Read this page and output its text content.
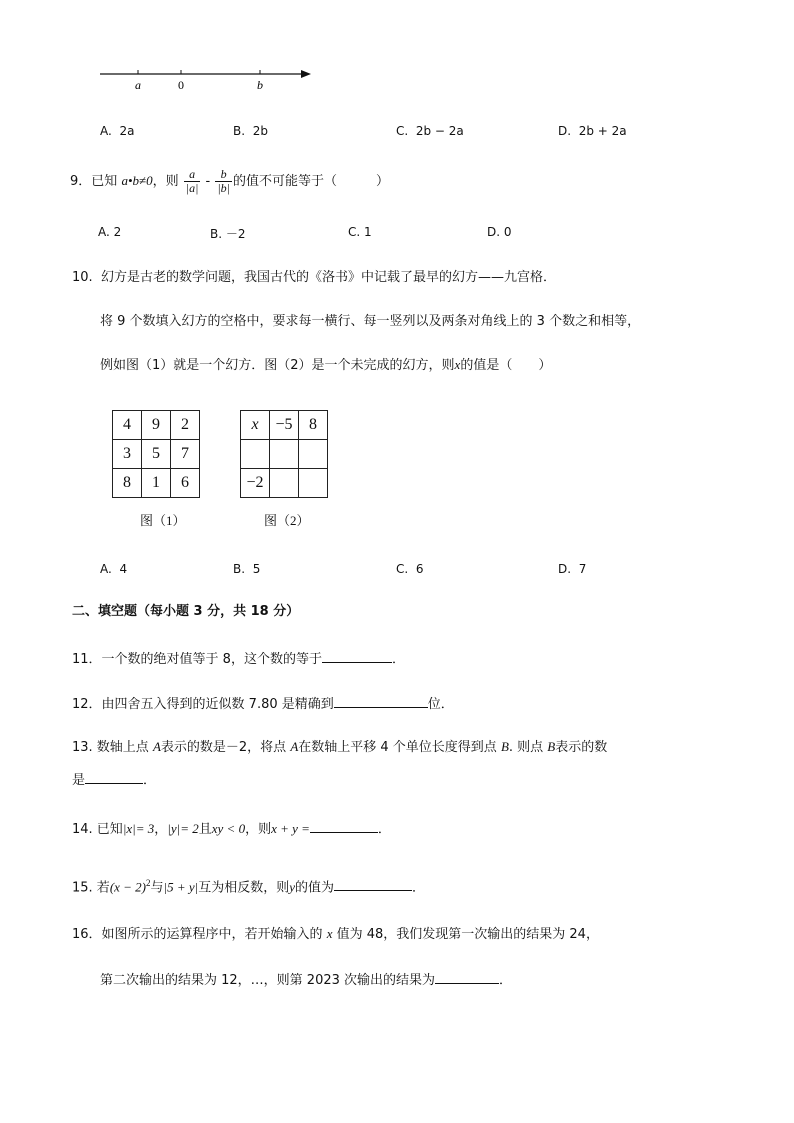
a	0	b
A. 2a	B. 2b	C. 2b − 2a	D. 2b + 2a
9．已知 a•b≠0，则 $\frac{a}{|a|} - \frac{b}{|b|}$ 的值不可能等于（　　　）
A. 2	B. －2	C. 1	D. 0
10. 幻方是古老的数学问题，我国古代的《洛书》中记载了最早的幻方——九宫格．
将 9 个数填入幻方的空格中，要求每一横行、每一竖列以及两条对角线上的 3 个数之和相等，
例如图（1）就是一个幻方．图（2）是一个未完成的幻方，则x的值是（　　）
4	9	2
3	5	7
8	1	6
x	−5	8

−2		
图（1）	图（2）
A. 4	B. 5	C. 6	D. 7
二、填空题（每小题 3 分，共 18 分）
11．一个数的绝对值等于 8，这个数的等于	．
12．由四舍五入得到的近似数 7.80 是精确到	位．
13. 数轴上点 A表示的数是－2，将点 A在数轴上平移 4 个单位长度得到点 B. 则点 B表示的数
是	．
14. 已知|x|= 3，|y|= 2且xy < 0，则x + y =	．
15. 若$(x - 2)^2$与|5 + y|互为相反数，则y的值为	．
16．如图所示的运算程序中，若开始输入的 x 值为 48，我们发现第一次输出的结果为 24，
第二次输出的结果为 12，…，则第 2023 次输出的结果为	．
